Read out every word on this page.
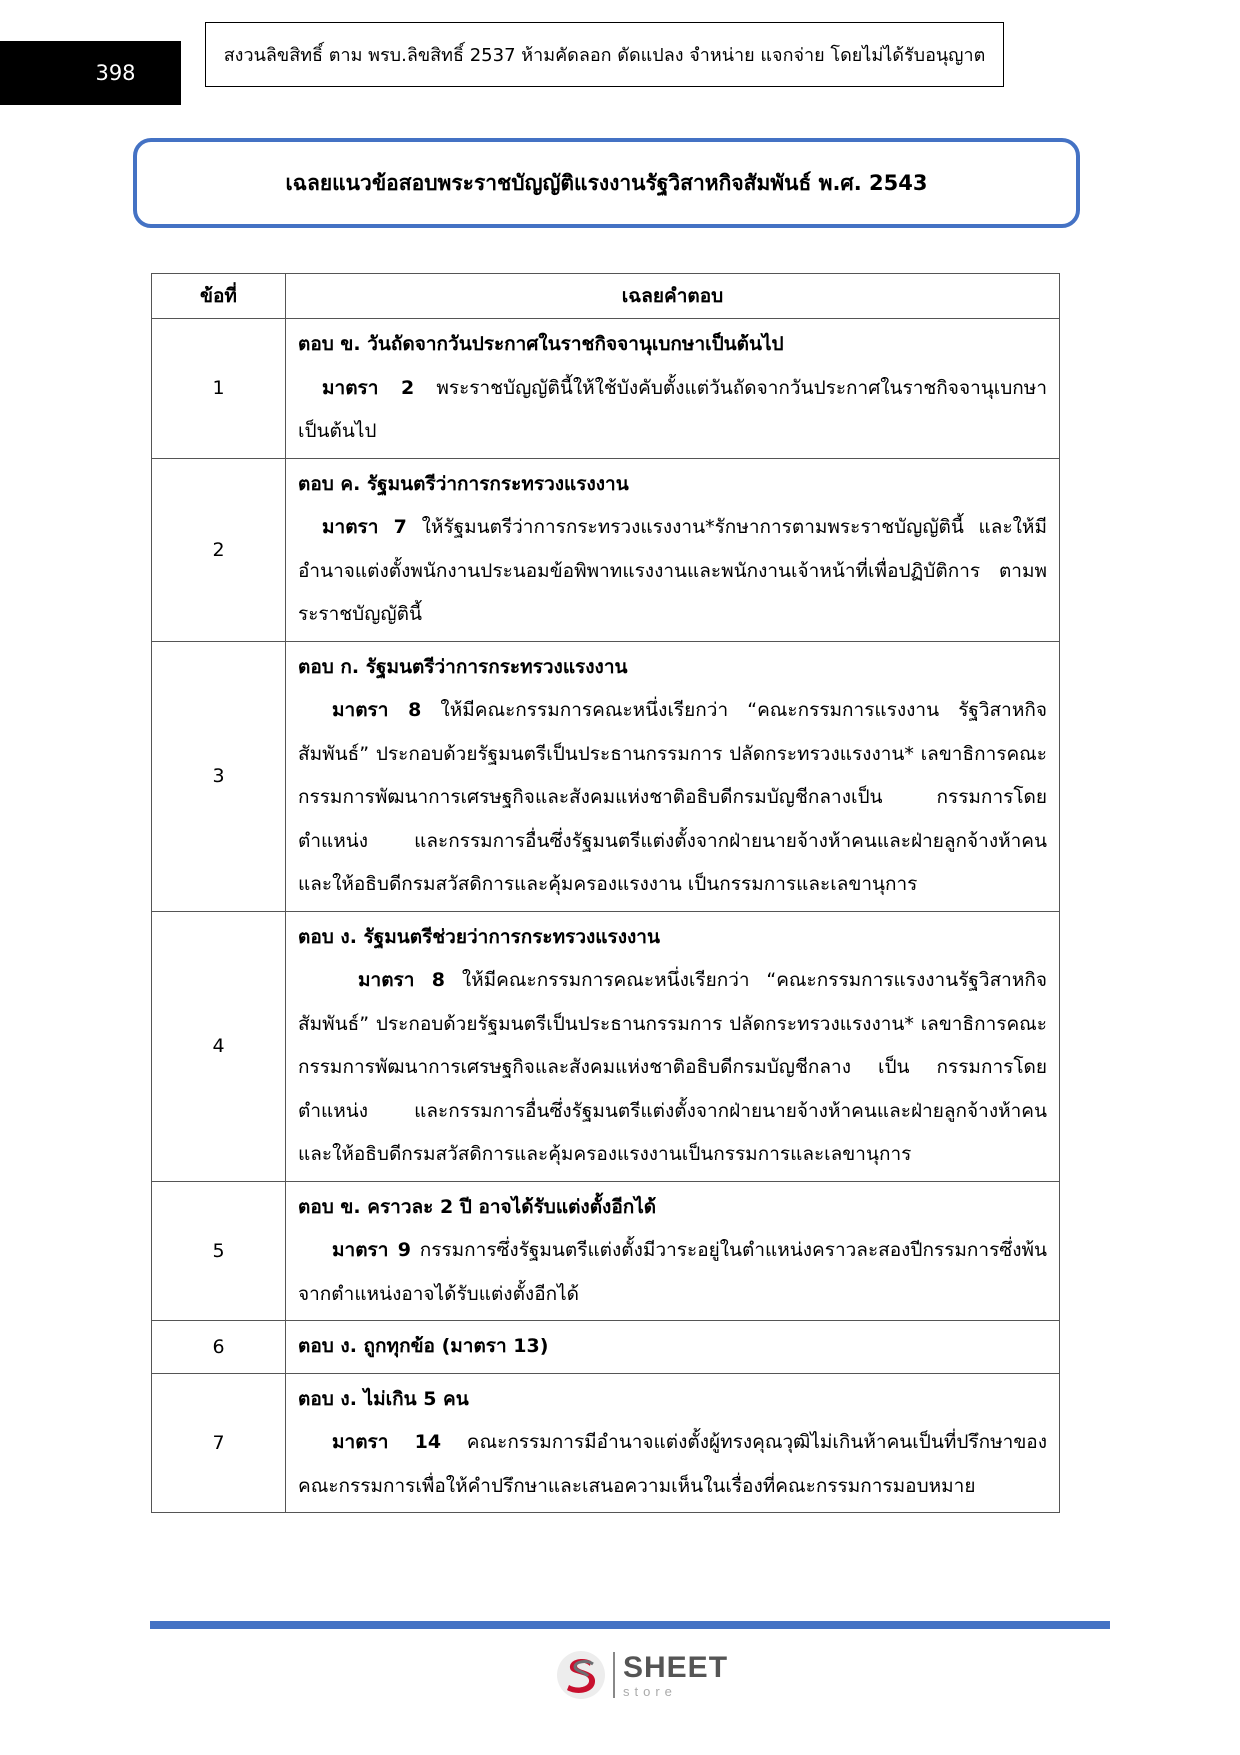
398
สงวนลิขสิทธิ์ ตาม พรบ.ลิขสิทธิ์ 2537 ห้ามคัดลอก ดัดแปลง จำหน่าย แจกจ่าย โดยไม่ได้รับอนุญาต
เฉลยแนวข้อสอบพระราชบัญญัติแรงงานรัฐวิสาหกิจสัมพันธ์ พ.ศ. 2543
ข้อที่	เฉลยคำตอบ
1	ตอบ ข. วันถัดจากวันประกาศในราชกิจจานุเบกษาเป็นต้นไป
มาตรา 2 พระราชบัญญัตินี้ให้ใช้บังคับตั้งแต่วันถัดจากวันประกาศในราชกิจจานุเบกษาเป็นต้นไป

2	ตอบ ค. รัฐมนตรีว่าการกระทรวงแรงงาน
มาตรา 7 ให้รัฐมนตรีว่าการกระทรวงแรงงาน*รักษาการตามพระราชบัญญัตินี้ และให้มีอำนาจแต่งตั้งพนักงานประนอมข้อพิพาทแรงงานและพนักงานเจ้าหน้าที่เพื่อปฏิบัติการ ตามพระราชบัญญัตินี้

3	ตอบ ก. รัฐมนตรีว่าการกระทรวงแรงงาน
มาตรา 8 ให้มีคณะกรรมการคณะหนึ่งเรียกว่า “คณะกรรมการแรงงาน รัฐวิสาหกิจสัมพันธ์” ประกอบด้วยรัฐมนตรีเป็นประธานกรรมการ ปลัดกระทรวงแรงงาน* เลขาธิการคณะกรรมการพัฒนาการเศรษฐกิจและสังคมแห่งชาติอธิบดีกรมบัญชีกลางเป็น กรรมการโดยตำแหน่ง และกรรมการอื่นซึ่งรัฐมนตรีแต่งตั้งจากฝ่ายนายจ้างห้าคนและฝ่ายลูกจ้างห้าคน และให้อธิบดีกรมสวัสดิการและคุ้มครองแรงงาน เป็นกรรมการและเลขานุการ

4	ตอบ ง. รัฐมนตรีช่วยว่าการกระทรวงแรงงาน
มาตรา 8 ให้มีคณะกรรมการคณะหนึ่งเรียกว่า “คณะกรรมการแรงงานรัฐวิสาหกิจสัมพันธ์” ประกอบด้วยรัฐมนตรีเป็นประธานกรรมการ ปลัดกระทรวงแรงงาน* เลขาธิการคณะกรรมการพัฒนาการเศรษฐกิจและสังคมแห่งชาติอธิบดีกรมบัญชีกลาง เป็น กรรมการโดยตำแหน่ง และกรรมการอื่นซึ่งรัฐมนตรีแต่งตั้งจากฝ่ายนายจ้างห้าคนและฝ่ายลูกจ้างห้าคน และให้อธิบดีกรมสวัสดิการและคุ้มครองแรงงานเป็นกรรมการและเลขานุการ

5	ตอบ ข. คราวละ 2 ปี อาจได้รับแต่งตั้งอีกได้
มาตรา 9 กรรมการซึ่งรัฐมนตรีแต่งตั้งมีวาระอยู่ในตำแหน่งคราวละสองปีกรรมการซึ่งพ้นจากตำแหน่งอาจได้รับแต่งตั้งอีกได้

6	ตอบ ง. ถูกทุกข้อ (มาตรา 13)

7	ตอบ ง. ไม่เกิน 5 คน
มาตรา 14 คณะกรรมการมีอำนาจแต่งตั้งผู้ทรงคุณวุฒิไม่เกินห้าคนเป็นที่ปรึกษาของคณะกรรมการเพื่อให้คำปรึกษาและเสนอความเห็นในเรื่องที่คณะกรรมการมอบหมาย
SHEET
store
